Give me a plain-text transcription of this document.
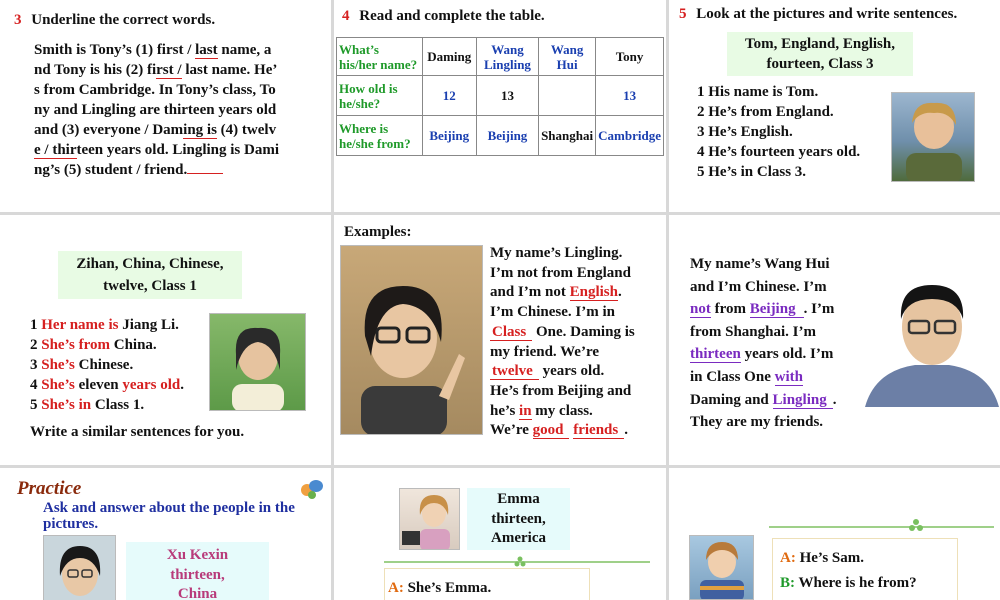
3 Underline the correct words.
Smith is Tony’s (1) first / last name, a
nd Tony is his (2) first / last name. He’
s from Cambridge. In Tony’s class, To
ny and Lingling are thirteen years old
and (3) everyone / Daming is (4) twelv
e / thirteen years old. Lingling is Dami
ng’s (5) student / friend.
4 Read and complete the table.
What’s his/her name?	Daming	Wang Lingling	Wang Hui	Tony
How old is he/she?	12	13		13
Where is he/she from?	Beijing	Beijing	Shanghai	Cambridge
5 Look at the pictures and write sentences.
Tom, England, English,
fourteen, Class 3
1 His name is Tom.
2 He’s from England.
3 He’s English.
4 He’s fourteen years old.
5 He’s in Class 3.
Zihan, China, Chinese,
twelve, Class 1
1 Her name is Jiang Li.
2 She’s from China.
3 She’s Chinese.
4 She’s eleven years old.
5 She’s in Class 1.
Write a similar sentences for you.
Examples:
My name’s Lingling.
I’m not from England
and I’m not English.
I’m Chinese. I’m in
Class One. Daming is
my friend. We’re
twelve years old.
He’s from Beijing and
he’s in my class.
We’re good friends .
My name’s Wang Hui
and I’m Chinese. I’m
not from Beijing . I’m
from Shanghai. I’m
thirteen years old. I’m
in Class One with
Daming and Lingling .
They are my friends.
Practice
Ask and answer about the people in the pictures.
Xu Kexin
thirteen,
China
Emma
thirteen,
America
A: She’s Emma.
A: He’s Sam.
B: Where is he from?
